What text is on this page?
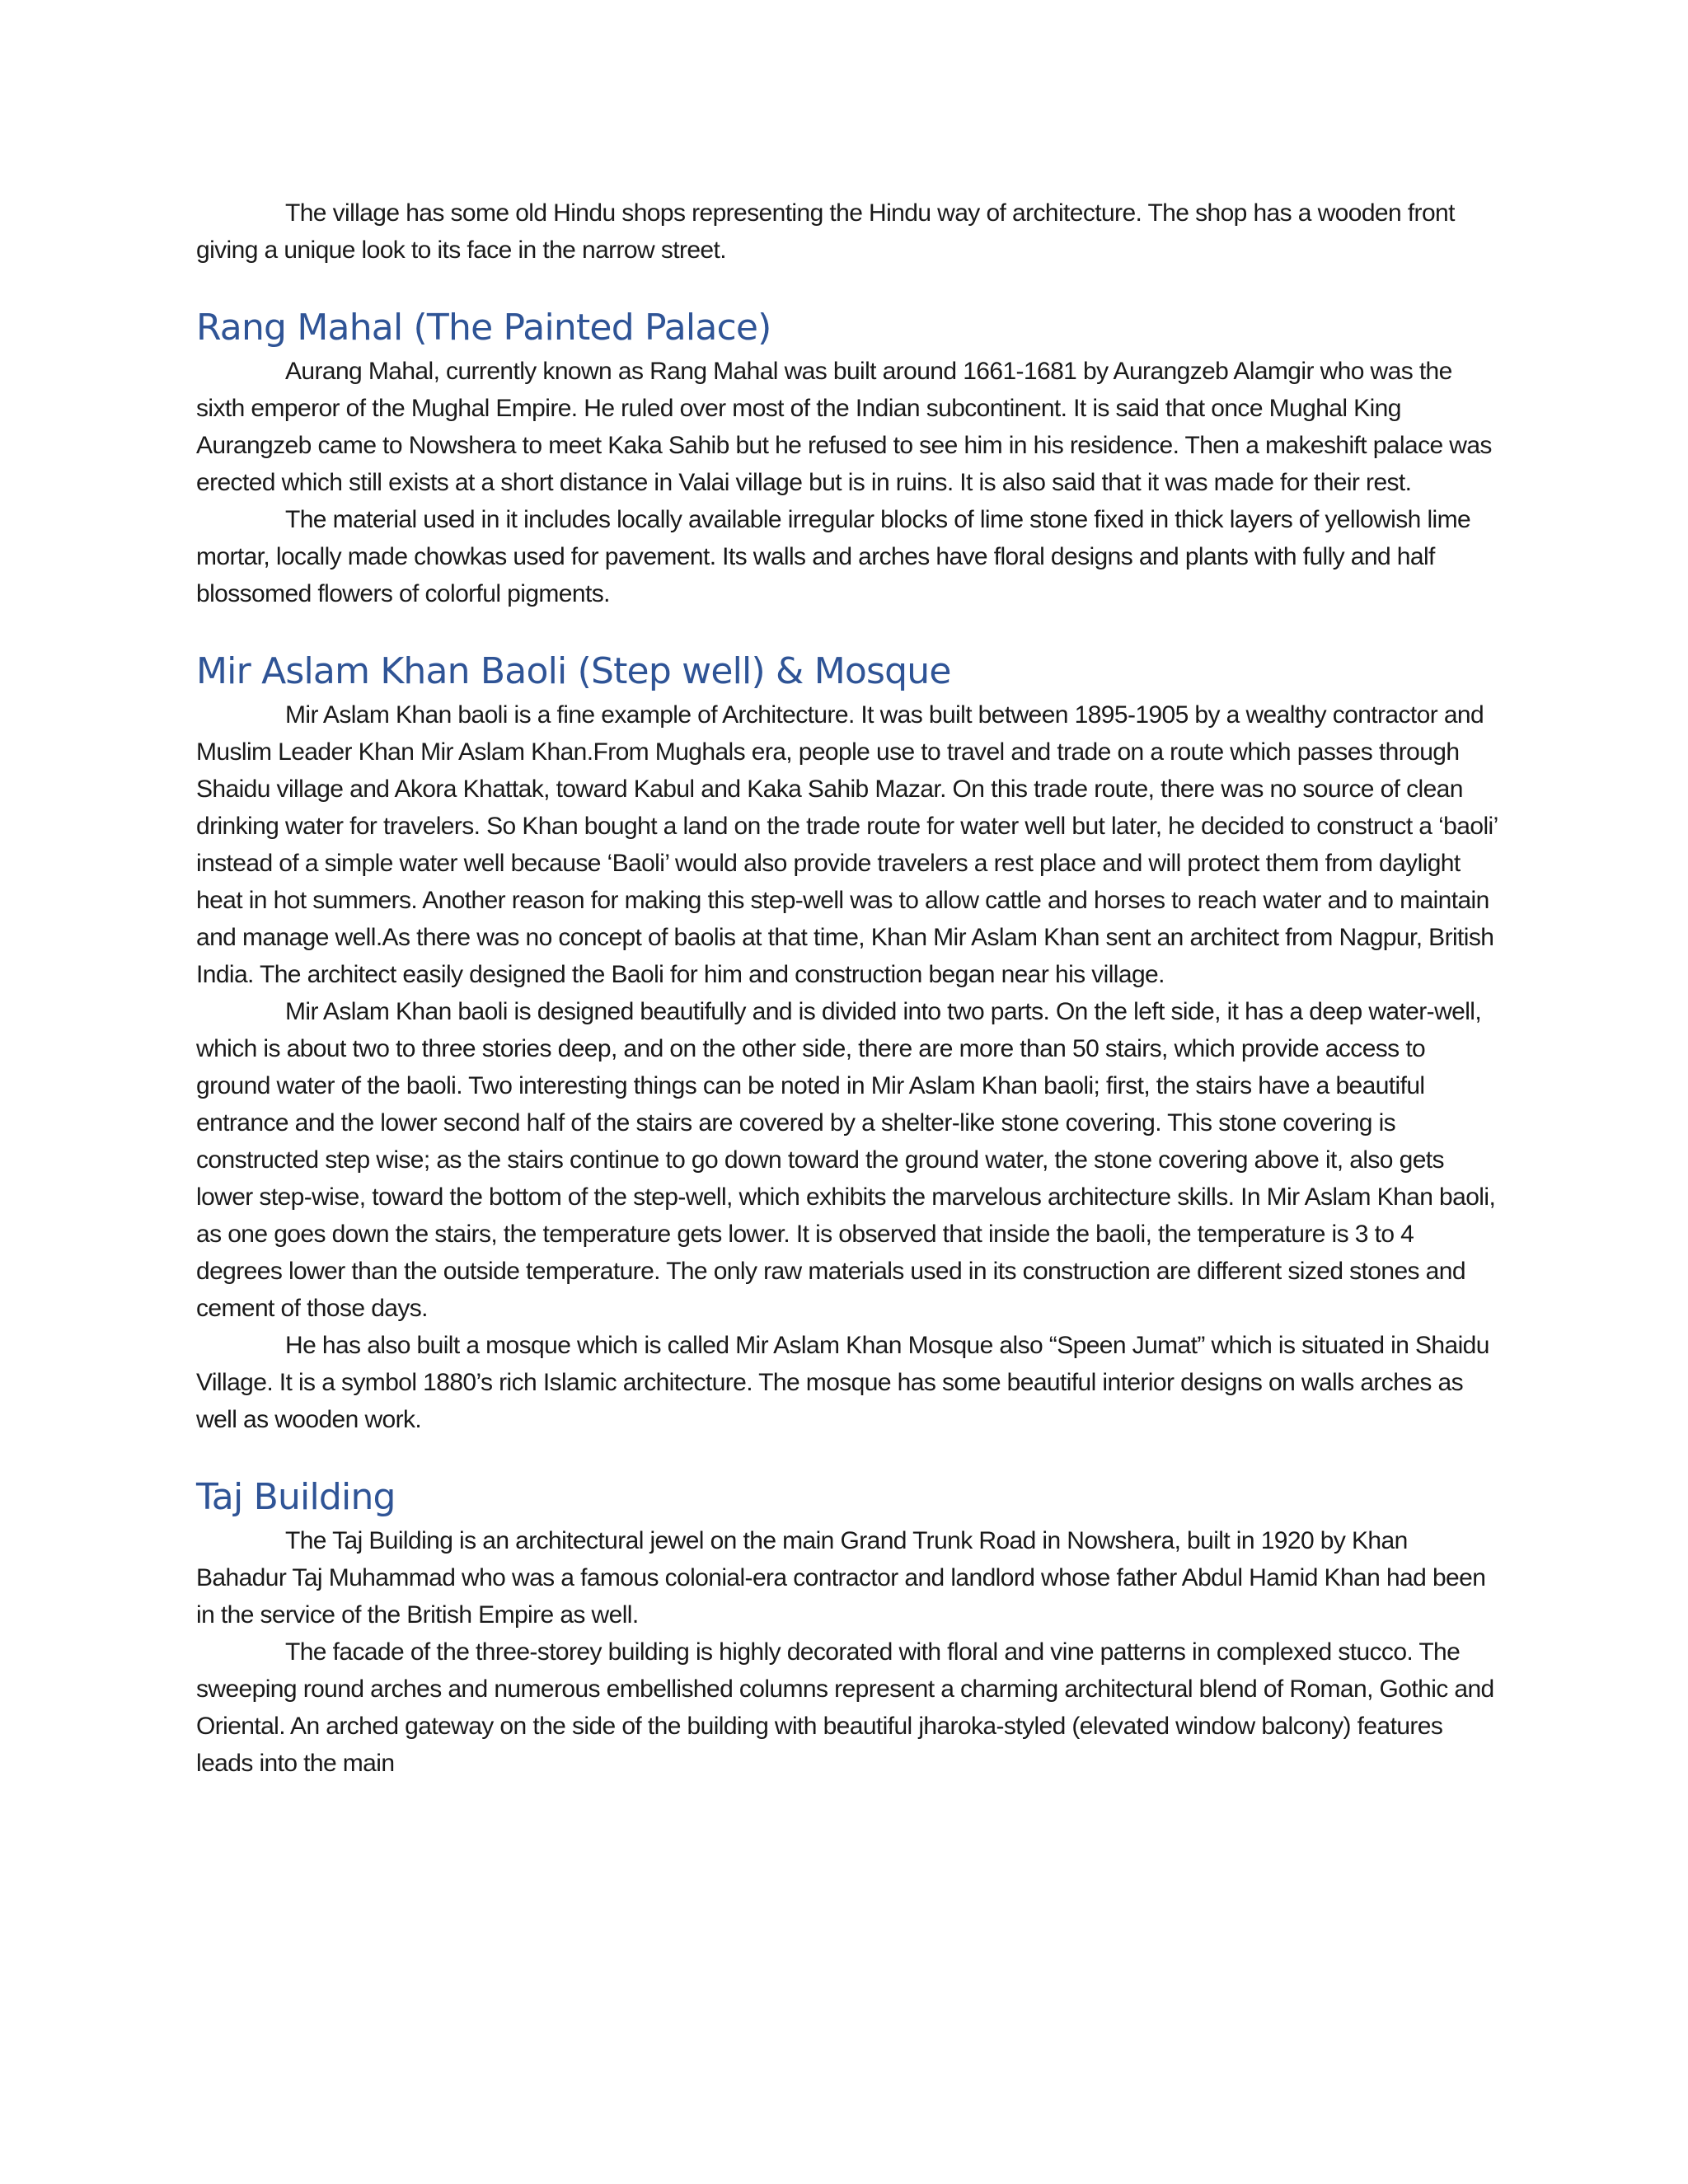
The village has some old Hindu shops representing the Hindu way of architecture. The shop has a wooden front giving a unique look to its face in the narrow street.

Rang Mahal (The Painted Palace)

Aurang Mahal, currently known as Rang Mahal was built around 1661-1681 by Aurangzeb Alamgir who was the sixth emperor of the Mughal Empire. He ruled over most of the Indian subcontinent. It is said that once Mughal King Aurangzeb came to Nowshera to meet Kaka Sahib but he refused to see him in his residence. Then a makeshift palace was erected which still exists at a short distance in Valai village but is in ruins. It is also said that it was made for their rest.

The material used in it includes locally available irregular blocks of lime stone fixed in thick layers of yellowish lime mortar, locally made chowkas used for pavement. Its walls and arches have floral designs and plants with fully and half blossomed flowers of colorful pigments.

Mir Aslam Khan Baoli (Step well) & Mosque

Mir Aslam Khan baoli is a fine example of Architecture. It was built between 1895-1905 by a wealthy contractor and Muslim Leader Khan Mir Aslam Khan.From Mughals era, people use to travel and trade on a route which passes through Shaidu village and Akora Khattak, toward Kabul and Kaka Sahib Mazar. On this trade route, there was no source of clean drinking water for travelers. So Khan bought a land on the trade route for water well but later, he decided to construct a ‘baoli’ instead of a simple water well because ‘Baoli’ would also provide travelers a rest place and will protect them from daylight heat in hot summers. Another reason for making this step-well was to allow cattle and horses to reach water and to maintain and manage well.As there was no concept of baolis at that time, Khan Mir Aslam Khan sent an architect from Nagpur, British India. The architect easily designed the Baoli for him and construction began near his village.

Mir Aslam Khan baoli is designed beautifully and is divided into two parts. On the left side, it has a deep water-well, which is about two to three stories deep, and on the other side, there are more than 50 stairs, which provide access to ground water of the baoli. Two interesting things can be noted in Mir Aslam Khan baoli; first, the stairs have a beautiful entrance and the lower second half of the stairs are covered by a shelter-like stone covering. This stone covering is constructed step wise; as the stairs continue to go down toward the ground water, the stone covering above it, also gets lower step-wise, toward the bottom of the step-well, which exhibits the marvelous architecture skills. In Mir Aslam Khan baoli, as one goes down the stairs, the temperature gets lower. It is observed that inside the baoli, the temperature is 3 to 4 degrees lower than the outside temperature. The only raw materials used in its construction are different sized stones and cement of those days.

He has also built a mosque which is called Mir Aslam Khan Mosque also “Speen Jumat” which is situated in Shaidu Village. It is a symbol 1880’s rich Islamic architecture. The mosque has some beautiful interior designs on walls arches as well as wooden work.

Taj Building

The Taj Building is an architectural jewel on the main Grand Trunk Road in Nowshera, built in 1920 by Khan Bahadur Taj Muhammad who was a famous colonial-era contractor and landlord whose father Abdul Hamid Khan had been in the service of the British Empire as well.

The facade of the three-storey building is highly decorated with floral and vine patterns in complexed stucco. The sweeping round arches and numerous embellished columns represent a charming architectural blend of Roman, Gothic and Oriental. An arched gateway on the side of the building with beautiful jharoka-styled (elevated window balcony) features leads into the main
